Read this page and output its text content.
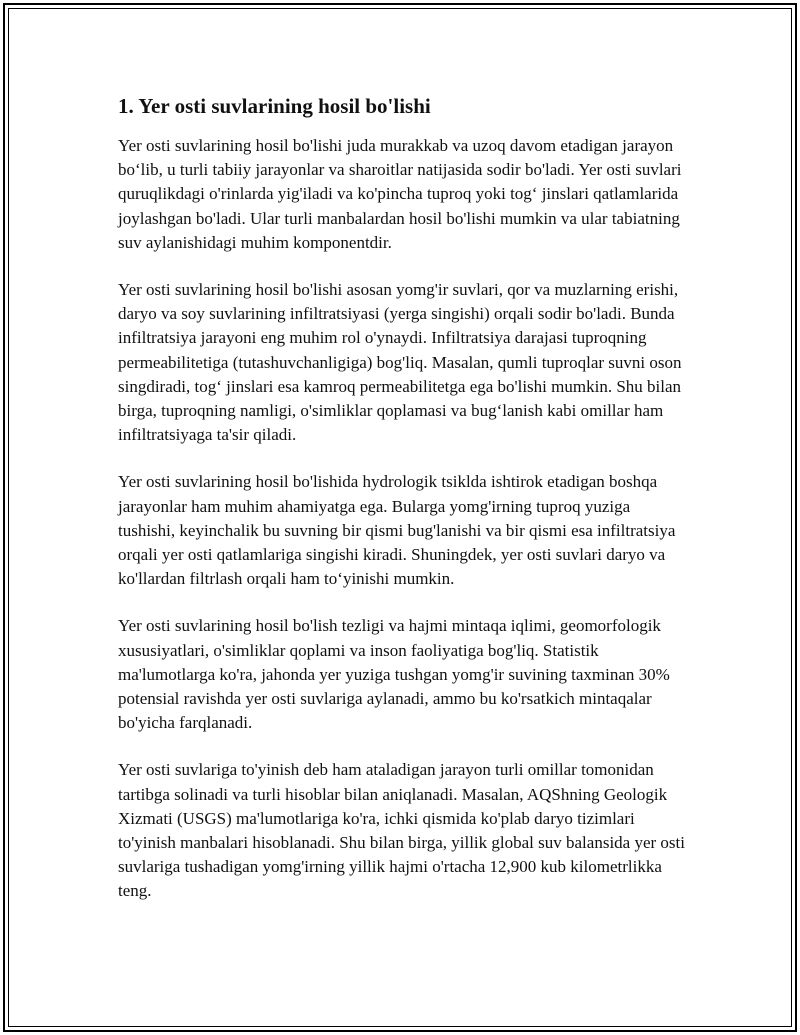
1. Yer osti suvlarining hosil bo'lishi

Yer osti suvlarining hosil bo'lishi juda murakkab va uzoq davom etadigan jarayon bo‘lib, u turli tabiiy jarayonlar va sharoitlar natijasida sodir bo'ladi. Yer osti suvlari quruqlikdagi o'rinlarda yig'iladi va ko'pincha tuproq yoki tog‘ jinslari qatlamlarida joylashgan bo'ladi. Ular turli manbalardan hosil bo'lishi mumkin va ular tabiatning suv aylanishidagi muhim komponentdir.

Yer osti suvlarining hosil bo'lishi asosan yomg'ir suvlari, qor va muzlarning erishi, daryo va soy suvlarining infiltratsiyasi (yerga singishi) orqali sodir bo'ladi. Bunda infiltratsiya jarayoni eng muhim rol o'ynaydi. Infiltratsiya darajasi tuproqning permeabilitetiga (tutashuvchanligiga) bog'liq. Masalan, qumli tuproqlar suvni oson singdiradi, tog‘ jinslari esa kamroq permeabilitetga ega bo'lishi mumkin. Shu bilan birga, tuproqning namligi, o'simliklar qoplamasi va bug‘lanish kabi omillar ham infiltratsiyaga ta'sir qiladi.

Yer osti suvlarining hosil bo'lishida hydrologik tsiklda ishtirok etadigan boshqa jarayonlar ham muhim ahamiyatga ega. Bularga yomg'irning tuproq yuziga tushishi, keyinchalik bu suvning bir qismi bug'lanishi va bir qismi esa infiltratsiya orqali yer osti qatlamlariga singishi kiradi. Shuningdek, yer osti suvlari daryo va ko'llardan filtrlash orqali ham to‘yinishi mumkin.

Yer osti suvlarining hosil bo'lish tezligi va hajmi mintaqa iqlimi, geomorfologik xususiyatlari, o'simliklar qoplami va inson faoliyatiga bog'liq. Statistik ma'lumotlarga ko'ra, jahonda yer yuziga tushgan yomg'ir suvining taxminan 30% potensial ravishda yer osti suvlariga aylanadi, ammo bu ko'rsatkich mintaqalar bo'yicha farqlanadi.

Yer osti suvlariga to'yinish deb ham ataladigan jarayon turli omillar tomonidan tartibga solinadi va turli hisoblar bilan aniqlanadi. Masalan, AQShning Geologik Xizmati (USGS) ma'lumotlariga ko'ra, ichki qismida ko'plab daryo tizimlari to'yinish manbalari hisoblanadi. Shu bilan birga, yillik global suv balansida yer osti suvlariga tushadigan yomg'irning yillik hajmi o'rtacha 12,900 kub kilometrlikka teng.
